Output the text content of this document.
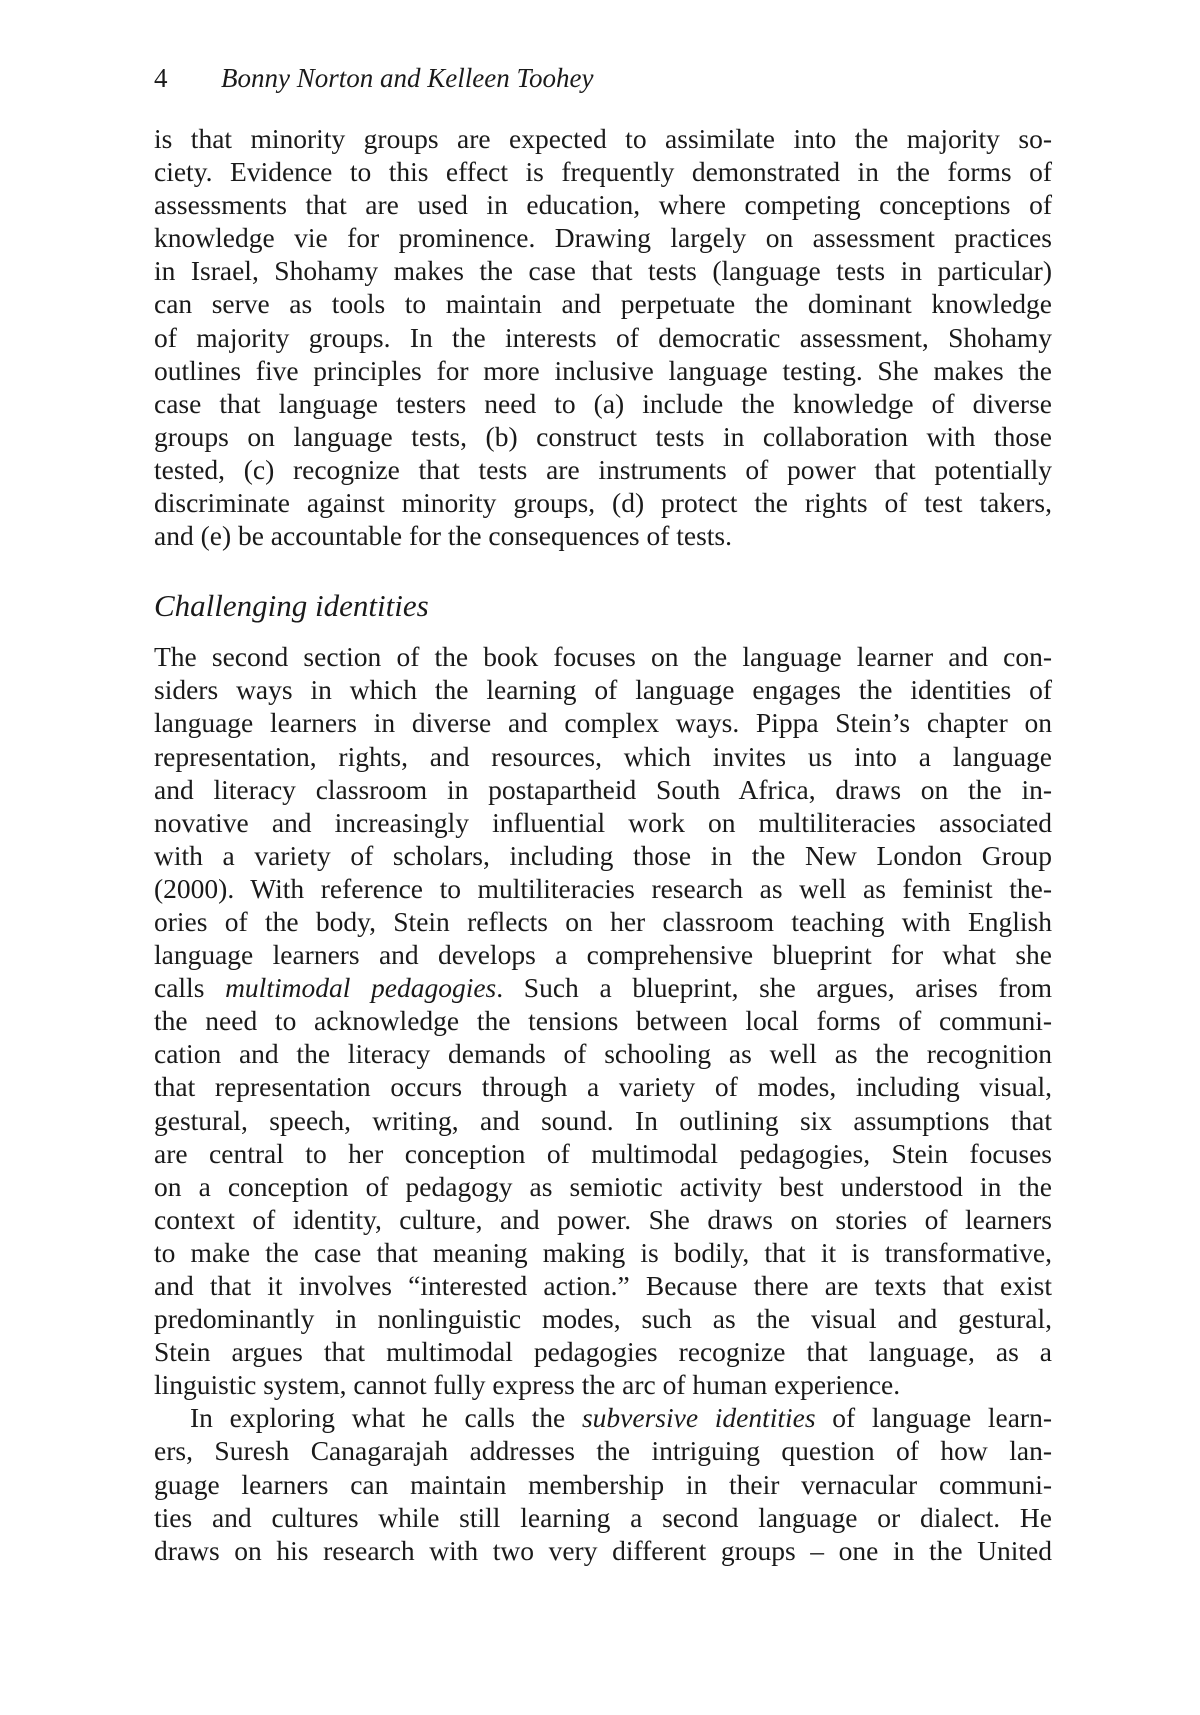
4 Bonny Norton and Kelleen Toohey
is that minority groups are expected to assimilate into the majority so-
ciety. Evidence to this effect is frequently demonstrated in the forms of
assessments that are used in education, where competing conceptions of
knowledge vie for prominence. Drawing largely on assessment practices
in Israel, Shohamy makes the case that tests (language tests in particular)
can serve as tools to maintain and perpetuate the dominant knowledge
of majority groups. In the interests of democratic assessment, Shohamy
outlines five principles for more inclusive language testing. She makes the
case that language testers need to (a) include the knowledge of diverse
groups on language tests, (b) construct tests in collaboration with those
tested, (c) recognize that tests are instruments of power that potentially
discriminate against minority groups, (d) protect the rights of test takers,
and (e) be accountable for the consequences of tests.
Challenging identities
The second section of the book focuses on the language learner and con-
siders ways in which the learning of language engages the identities of
language learners in diverse and complex ways. Pippa Stein’s chapter on
representation, rights, and resources, which invites us into a language
and literacy classroom in postapartheid South Africa, draws on the in-
novative and increasingly influential work on multiliteracies associated
with a variety of scholars, including those in the New London Group
(2000). With reference to multiliteracies research as well as feminist the-
ories of the body, Stein reflects on her classroom teaching with English
language learners and develops a comprehensive blueprint for what she
calls multimodal pedagogies. Such a blueprint, she argues, arises from
the need to acknowledge the tensions between local forms of communi-
cation and the literacy demands of schooling as well as the recognition
that representation occurs through a variety of modes, including visual,
gestural, speech, writing, and sound. In outlining six assumptions that
are central to her conception of multimodal pedagogies, Stein focuses
on a conception of pedagogy as semiotic activity best understood in the
context of identity, culture, and power. She draws on stories of learners
to make the case that meaning making is bodily, that it is transformative,
and that it involves “interested action.” Because there are texts that exist
predominantly in nonlinguistic modes, such as the visual and gestural,
Stein argues that multimodal pedagogies recognize that language, as a
linguistic system, cannot fully express the arc of human experience.
In exploring what he calls the subversive identities of language learn-
ers, Suresh Canagarajah addresses the intriguing question of how lan-
guage learners can maintain membership in their vernacular communi-
ties and cultures while still learning a second language or dialect. He
draws on his research with two very different groups – one in the United
